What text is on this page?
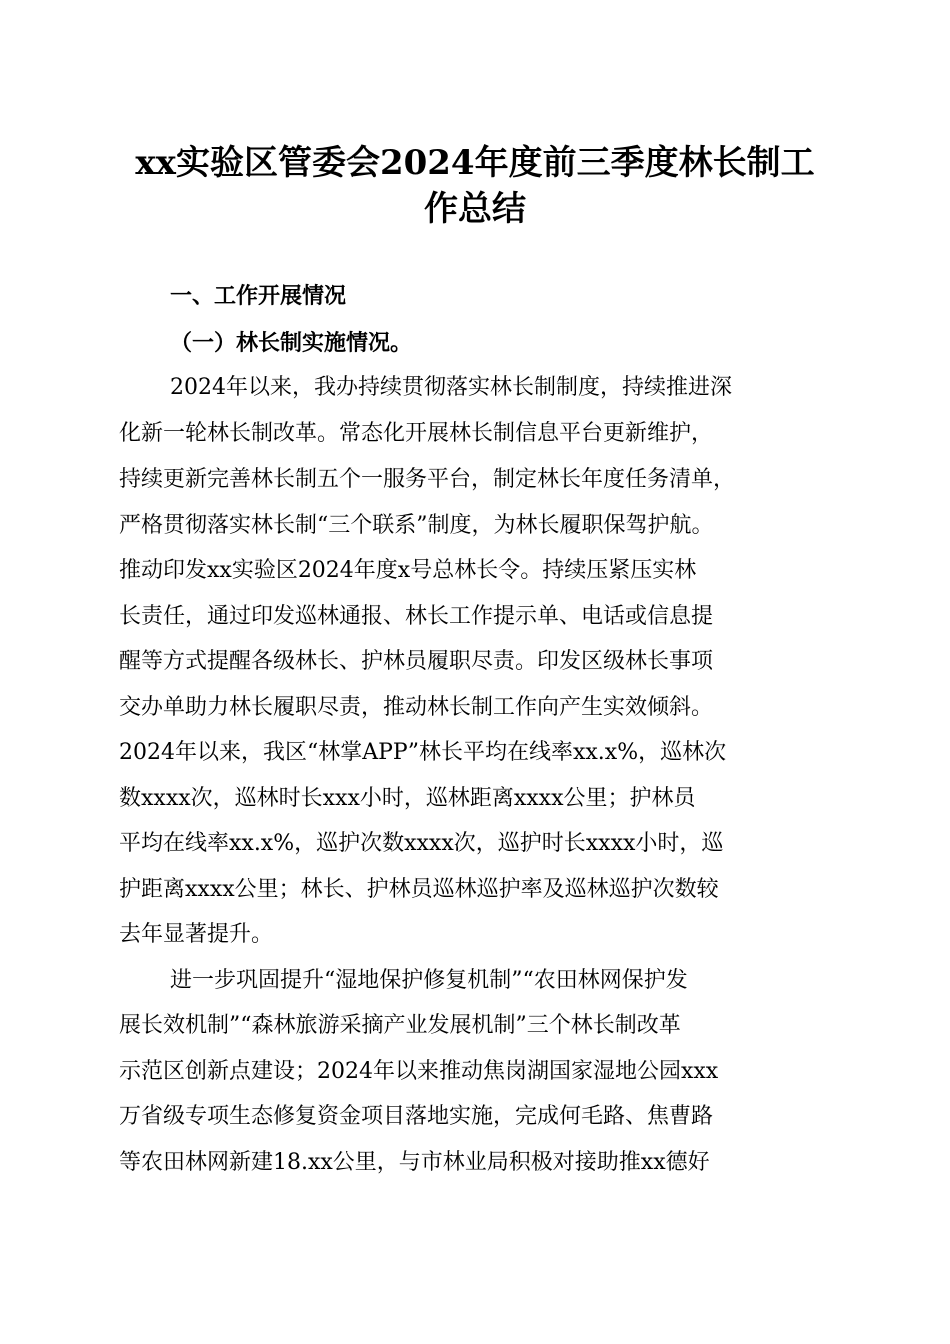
xx实验区管委会2024年度前三季度林长制工
作总结
一、工作开展情况
（一）林长制实施情况。
2024年以来，我办持续贯彻落实林长制制度，持续推进深
化新一轮林长制改革。常态化开展林长制信息平台更新维护，
持续更新完善林长制五个一服务平台，制定林长年度任务清单，
严格贯彻落实林长制“三个联系”制度，为林长履职保驾护航。
推动印发xx实验区2024年度x号总林长令。持续压紧压实林
长责任，通过印发巡林通报、林长工作提示单、电话或信息提
醒等方式提醒各级林长、护林员履职尽责。印发区级林长事项
交办单助力林长履职尽责，推动林长制工作向产生实效倾斜。
2024年以来，我区“林掌APP”林长平均在线率xx.x%，巡林次
数xxxx次，巡林时长xxx小时，巡林距离xxxx公里；护林员
平均在线率xx.x%，巡护次数xxxx次，巡护时长xxxx小时，巡
护距离xxxx公里；林长、护林员巡林巡护率及巡林巡护次数较
去年显著提升。
进一步巩固提升“湿地保护修复机制”“农田林网保护发
展长效机制”“森林旅游采摘产业发展机制”三个林长制改革
示范区创新点建设；2024年以来推动焦岗湖国家湿地公园xxx
万省级专项生态修复资金项目落地实施，完成何毛路、焦曹路
等农田林网新建18.xx公里，与市林业局积极对接助推xx德好
